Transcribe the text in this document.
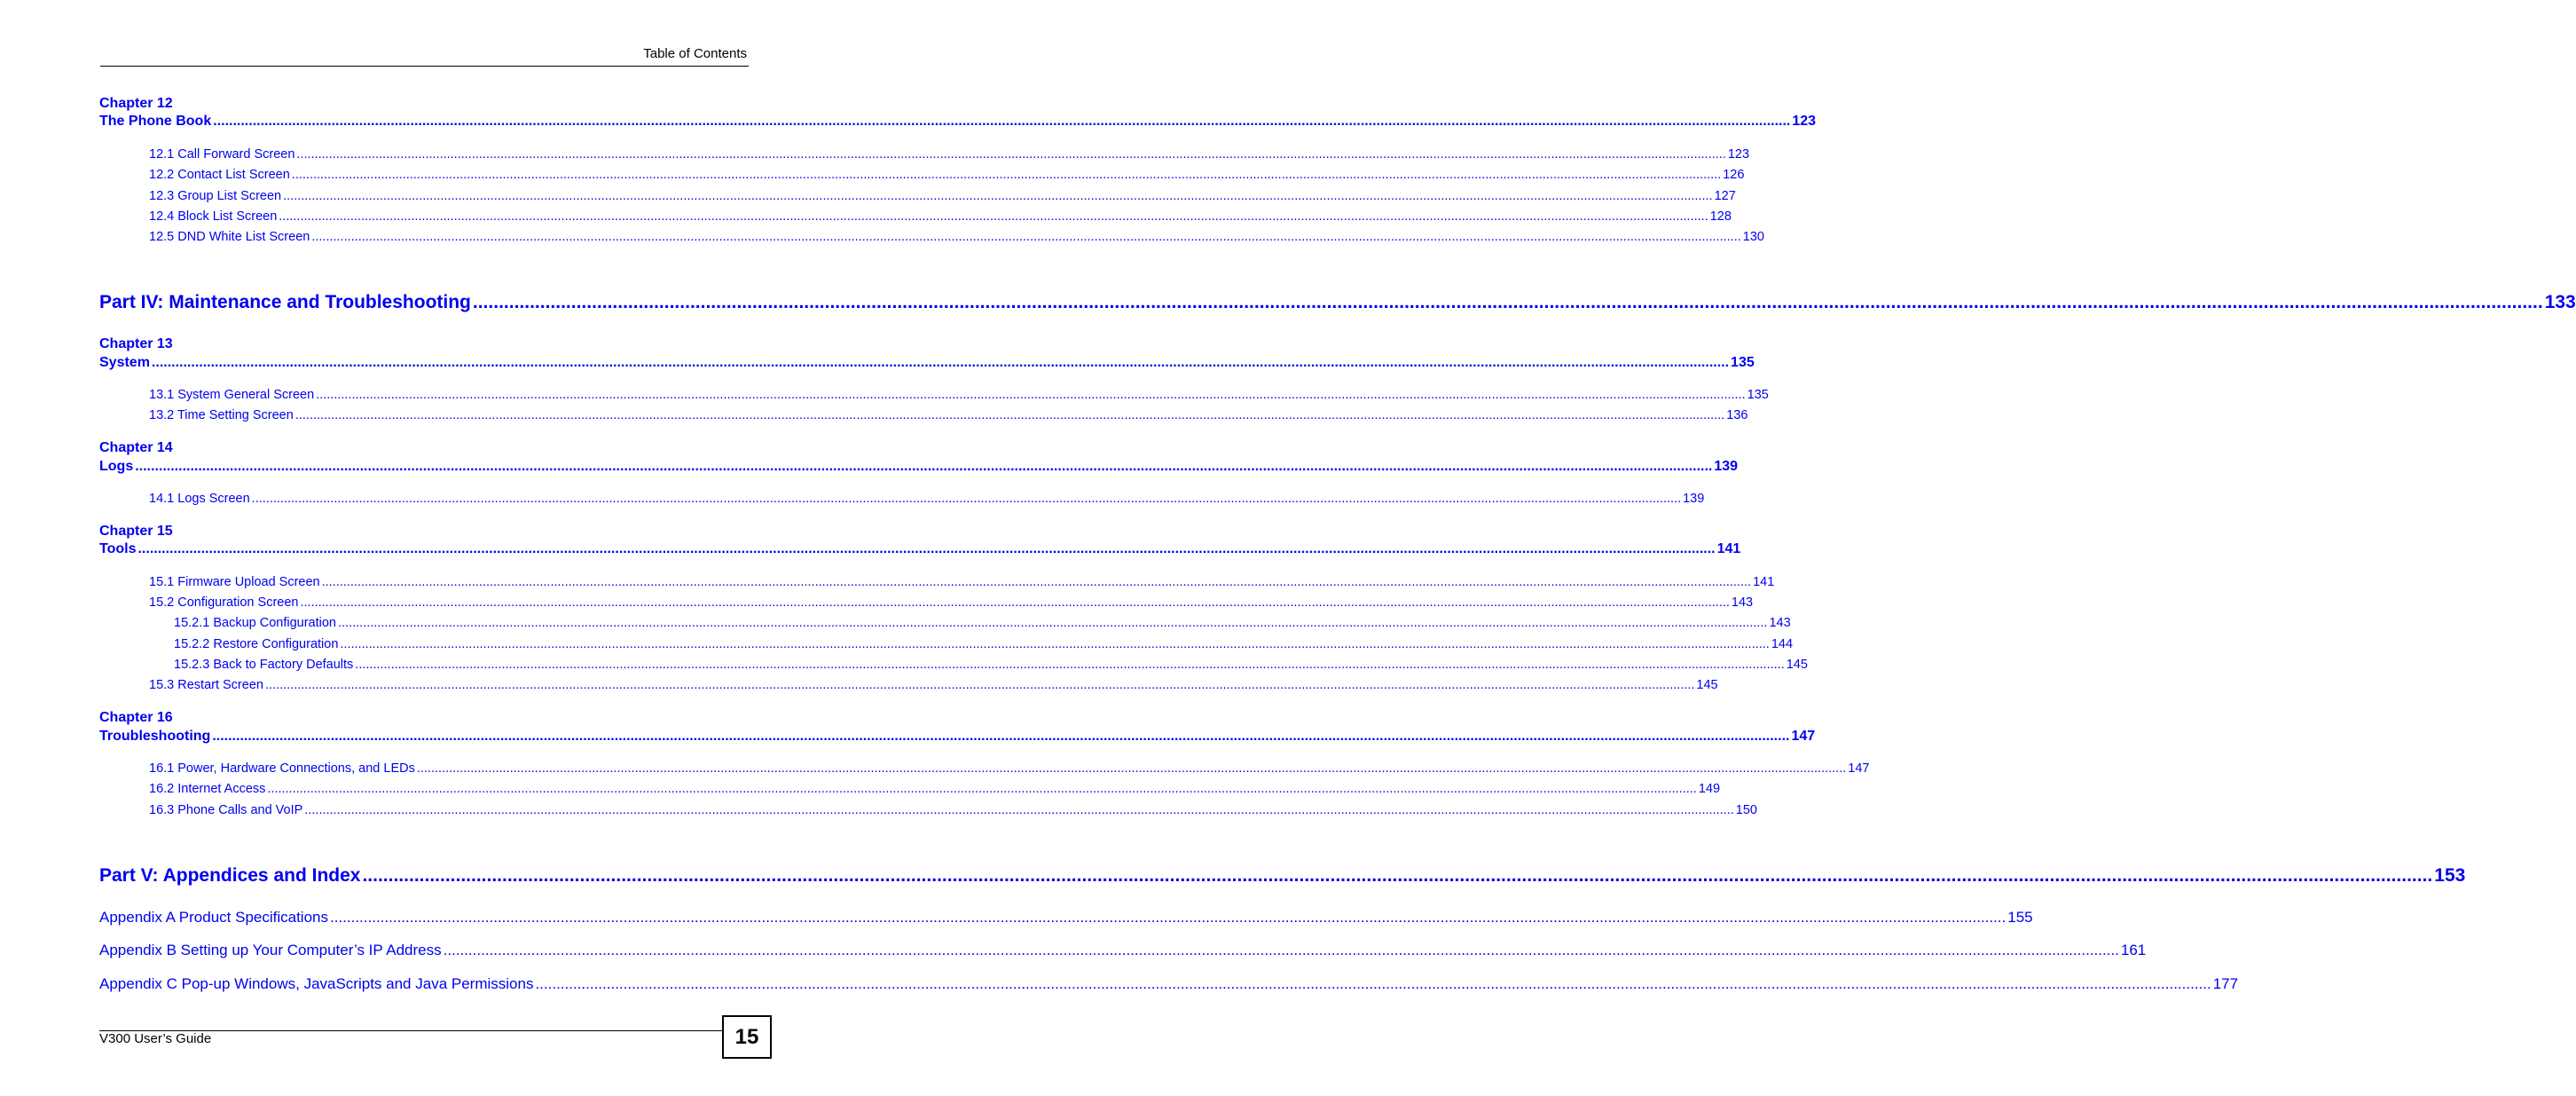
Table of Contents
Chapter 12
The Phone Book ................................................................................................................................................................................................................................................................................................................................................................................................................ 123
12.1 Call Forward Screen ................................................................................................................................................................................................................................................................................................................................................................................................................ 123
12.2 Contact List Screen ................................................................................................................................................................................................................................................................................................................................................................................................................ 126
12.3 Group List Screen ................................................................................................................................................................................................................................................................................................................................................................................................................ 127
12.4 Block List Screen ................................................................................................................................................................................................................................................................................................................................................................................................................ 128
12.5 DND White List Screen ................................................................................................................................................................................................................................................................................................................................................................................................................ 130
Part IV: Maintenance and Troubleshooting ................................................................................................................................................................................................................................................................................................................................................................................................................ 133
Chapter 13
System ................................................................................................................................................................................................................................................................................................................................................................................................................ 135
13.1 System General Screen ................................................................................................................................................................................................................................................................................................................................................................................................................ 135
13.2 Time Setting Screen ................................................................................................................................................................................................................................................................................................................................................................................................................ 136
Chapter 14
Logs ................................................................................................................................................................................................................................................................................................................................................................................................................ 139
14.1 Logs Screen ................................................................................................................................................................................................................................................................................................................................................................................................................ 139
Chapter 15
Tools ................................................................................................................................................................................................................................................................................................................................................................................................................ 141
15.1 Firmware Upload Screen ................................................................................................................................................................................................................................................................................................................................................................................................................ 141
15.2 Configuration Screen ................................................................................................................................................................................................................................................................................................................................................................................................................ 143
15.2.1 Backup Configuration ................................................................................................................................................................................................................................................................................................................................................................................................................ 143
15.2.2 Restore Configuration ................................................................................................................................................................................................................................................................................................................................................................................................................ 144
15.2.3 Back to Factory Defaults ................................................................................................................................................................................................................................................................................................................................................................................................................ 145
15.3 Restart Screen ................................................................................................................................................................................................................................................................................................................................................................................................................ 145
Chapter 16
Troubleshooting ................................................................................................................................................................................................................................................................................................................................................................................................................ 147
16.1 Power, Hardware Connections, and LEDs ................................................................................................................................................................................................................................................................................................................................................................................................................ 147
16.2 Internet Access ................................................................................................................................................................................................................................................................................................................................................................................................................ 149
16.3 Phone Calls and VoIP ................................................................................................................................................................................................................................................................................................................................................................................................................ 150
Part V: Appendices and Index ................................................................................................................................................................................................................................................................................................................................................................................................................ 153
Appendix A Product Specifications ................................................................................................................................................................................................................................................................................................................................................................................................................ 155
Appendix B Setting up Your Computer’s IP Address ................................................................................................................................................................................................................................................................................................................................................................................................................ 161
Appendix C Pop-up Windows, JavaScripts and Java Permissions ................................................................................................................................................................................................................................................................................................................................................................................................................ 177
V300 User’s Guide	15
